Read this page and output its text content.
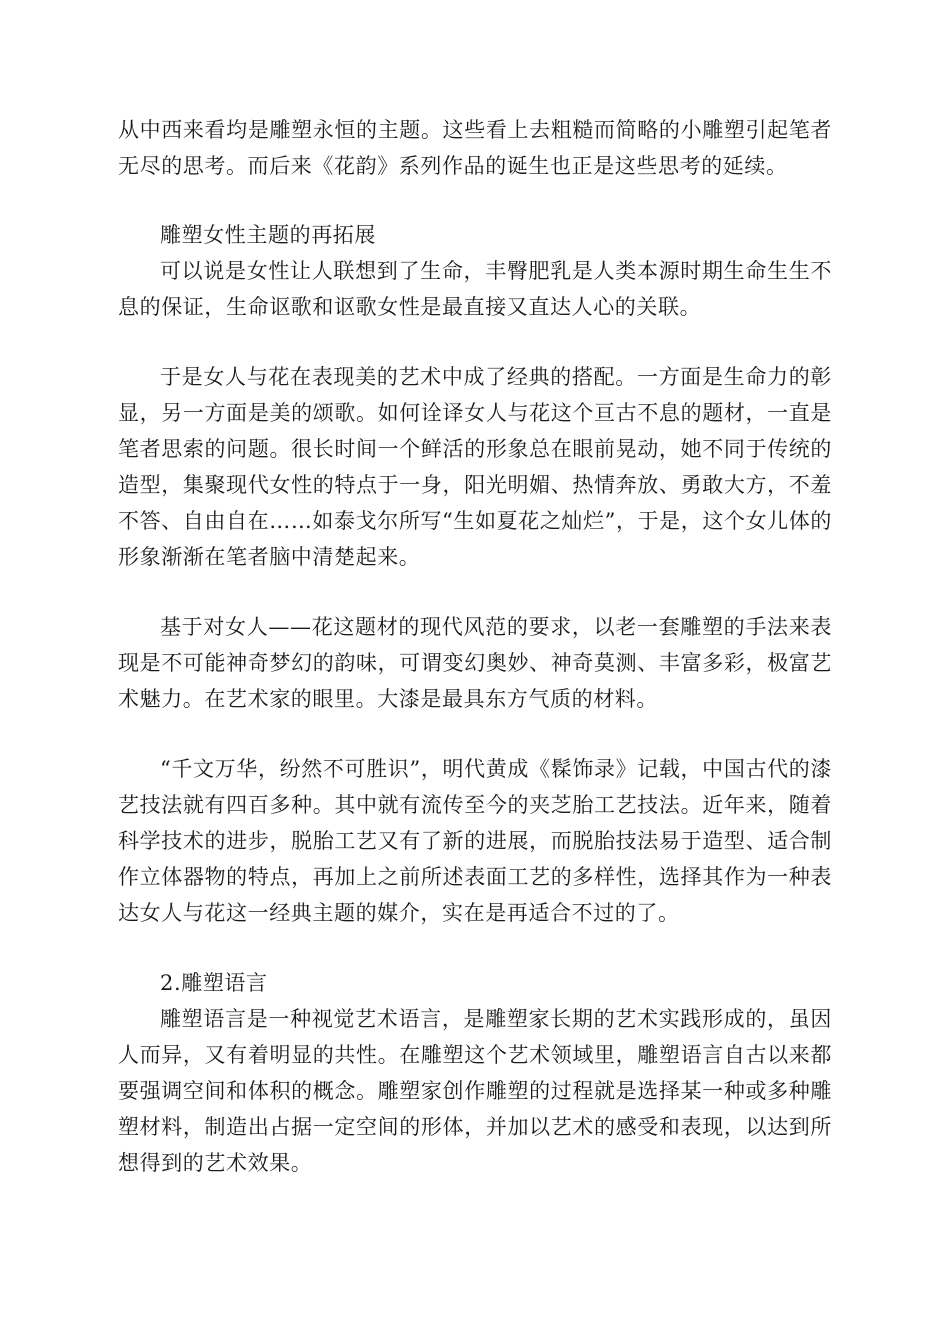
从中西来看均是雕塑永恒的主题。这些看上去粗糙而简略的小雕塑引起笔者无尽的思考。而后来《花韵》系列作品的诞生也正是这些思考的延续。

雕塑女性主题的再拓展

可以说是女性让人联想到了生命，丰臀肥乳是人类本源时期生命生生不息的保证，生命讴歌和讴歌女性是最直接又直达人心的关联。

于是女人与花在表现美的艺术中成了经典的搭配。一方面是生命力的彰显，另一方面是美的颂歌。如何诠译女人与花这个亘古不息的题材，一直是笔者思索的问题。很长时间一个鲜活的形象总在眼前晃动，她不同于传统的造型，集聚现代女性的特点于一身，阳光明媚、热情奔放、勇敢大方，不羞不答、自由自在……如泰戈尔所写“生如夏花之灿烂”，于是，这个女儿体的形象渐渐在笔者脑中清楚起来。

基于对女人——花这题材的现代风范的要求，以老一套雕塑的手法来表现是不可能神奇梦幻的韵味，可谓变幻奥妙、神奇莫测、丰富多彩，极富艺术魅力。在艺术家的眼里。大漆是最具东方气质的材料。

“千文万华，纷然不可胜识”，明代黄成《髹饰录》记载，中国古代的漆艺技法就有四百多种。其中就有流传至今的夹芝胎工艺技法。近年来，随着科学技术的进步，脱胎工艺又有了新的进展，而脱胎技法易于造型、适合制作立体器物的特点，再加上之前所述表面工艺的多样性，选择其作为一种表达女人与花这一经典主题的媒介，实在是再适合不过的了。

2.雕塑语言

雕塑语言是一种视觉艺术语言，是雕塑家长期的艺术实践形成的，虽因人而异，又有着明显的共性。在雕塑这个艺术领域里，雕塑语言自古以来都要强调空间和体积的概念。雕塑家创作雕塑的过程就是选择某一种或多种雕塑材料，制造出占据一定空间的形体，并加以艺术的感受和表现，以达到所想得到的艺术效果。
